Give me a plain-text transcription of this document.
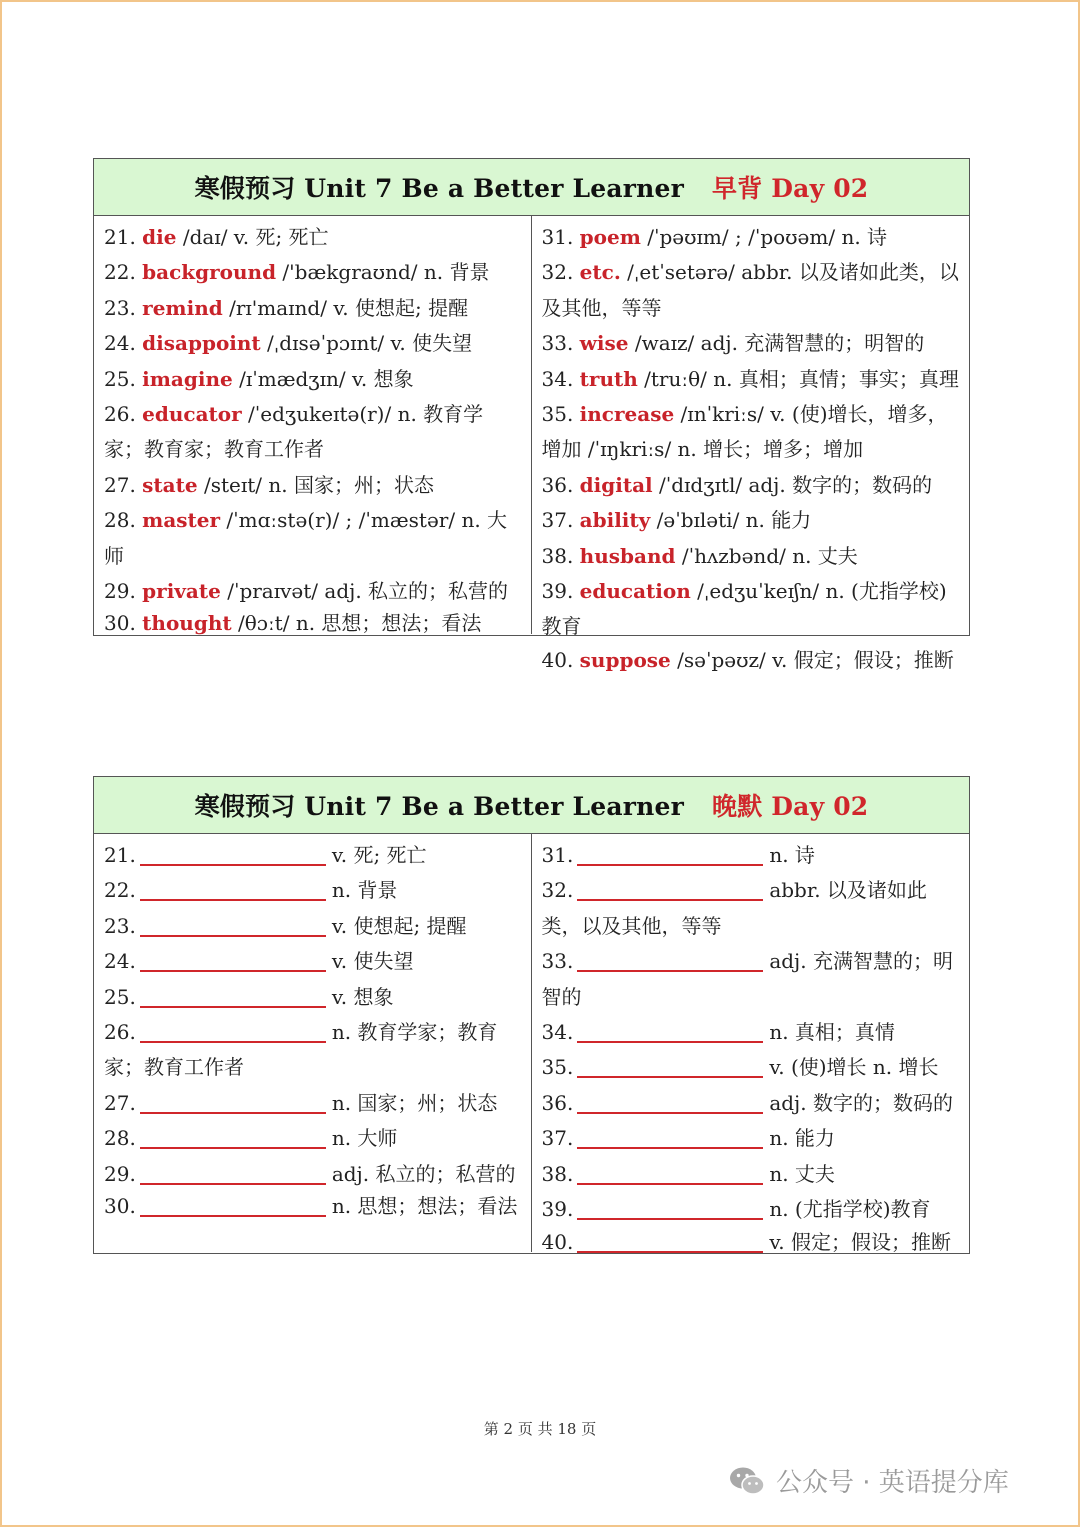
寒假预习 Unit 7 Be a Better Learner 早背 Day 02
21. die /daɪ/ v. 死; 死亡
22. background /'bækgraʊnd/ n. 背景
23. remind /rɪ'maɪnd/ v. 使想起; 提醒
24. disappoint /ˌdɪsəˈpɔɪnt/ v. 使失望
25. imagine /ɪˈmædʒɪn/ v. 想象
26. educator /ˈedʒukeɪtə(r)/ n. 教育学家；教育家；教育工作者
27. state /steɪt/ n. 国家；州；状态
28. master /ˈmɑːstə(r)/ ; /ˈmæstər/ n. 大师
29. private /ˈpraɪvət/ adj. 私立的；私营的
30. thought /θɔːt/ n. 思想；想法；看法
31. poem /ˈpəʊɪm/ ; /ˈpoʊəm/ n. 诗
32. etc. /ˌetˈsetərə/ abbr. 以及诸如此类，以及其他，等等
33. wise /waɪz/ adj. 充满智慧的；明智的
34. truth /truːθ/ n. 真相；真情；事实；真理
35. increase /ɪnˈkriːs/ v. (使)增长，增多，增加 /ˈɪŋkriːs/ n. 增长；增多；增加
36. digital /ˈdɪdʒɪtl/ adj. 数字的；数码的
37. ability /əˈbɪləti/ n. 能力
38. husband /ˈhʌzbənd/ n. 丈夫
39. education /ˌedʒuˈkeɪʃn/ n. (尤指学校)教育
40. suppose /səˈpəʊz/ v. 假定；假设；推断
寒假预习 Unit 7 Be a Better Learner 晚默 Day 02
21.	v. 死; 死亡
22.	n. 背景
23.	v. 使想起; 提醒
24.	v. 使失望
25.	v. 想象
26.	n. 教育学家；教育家；教育工作者
27.	n. 国家；州；状态
28.	n. 大师
29.	adj. 私立的；私营的
30.	n. 思想；想法；看法
31.	n. 诗
32.	abbr. 以及诸如此类，以及其他，等等
33.	adj. 充满智慧的；明智的
34.	n. 真相；真情
35.	v. (使)增长 n. 增长
36.	adj. 数字的；数码的
37.	n. 能力
38.	n. 丈夫
39.	n. (尤指学校)教育
40.	v. 假定；假设；推断
第 2 页 共 18 页
公众号 · 英语提分库
